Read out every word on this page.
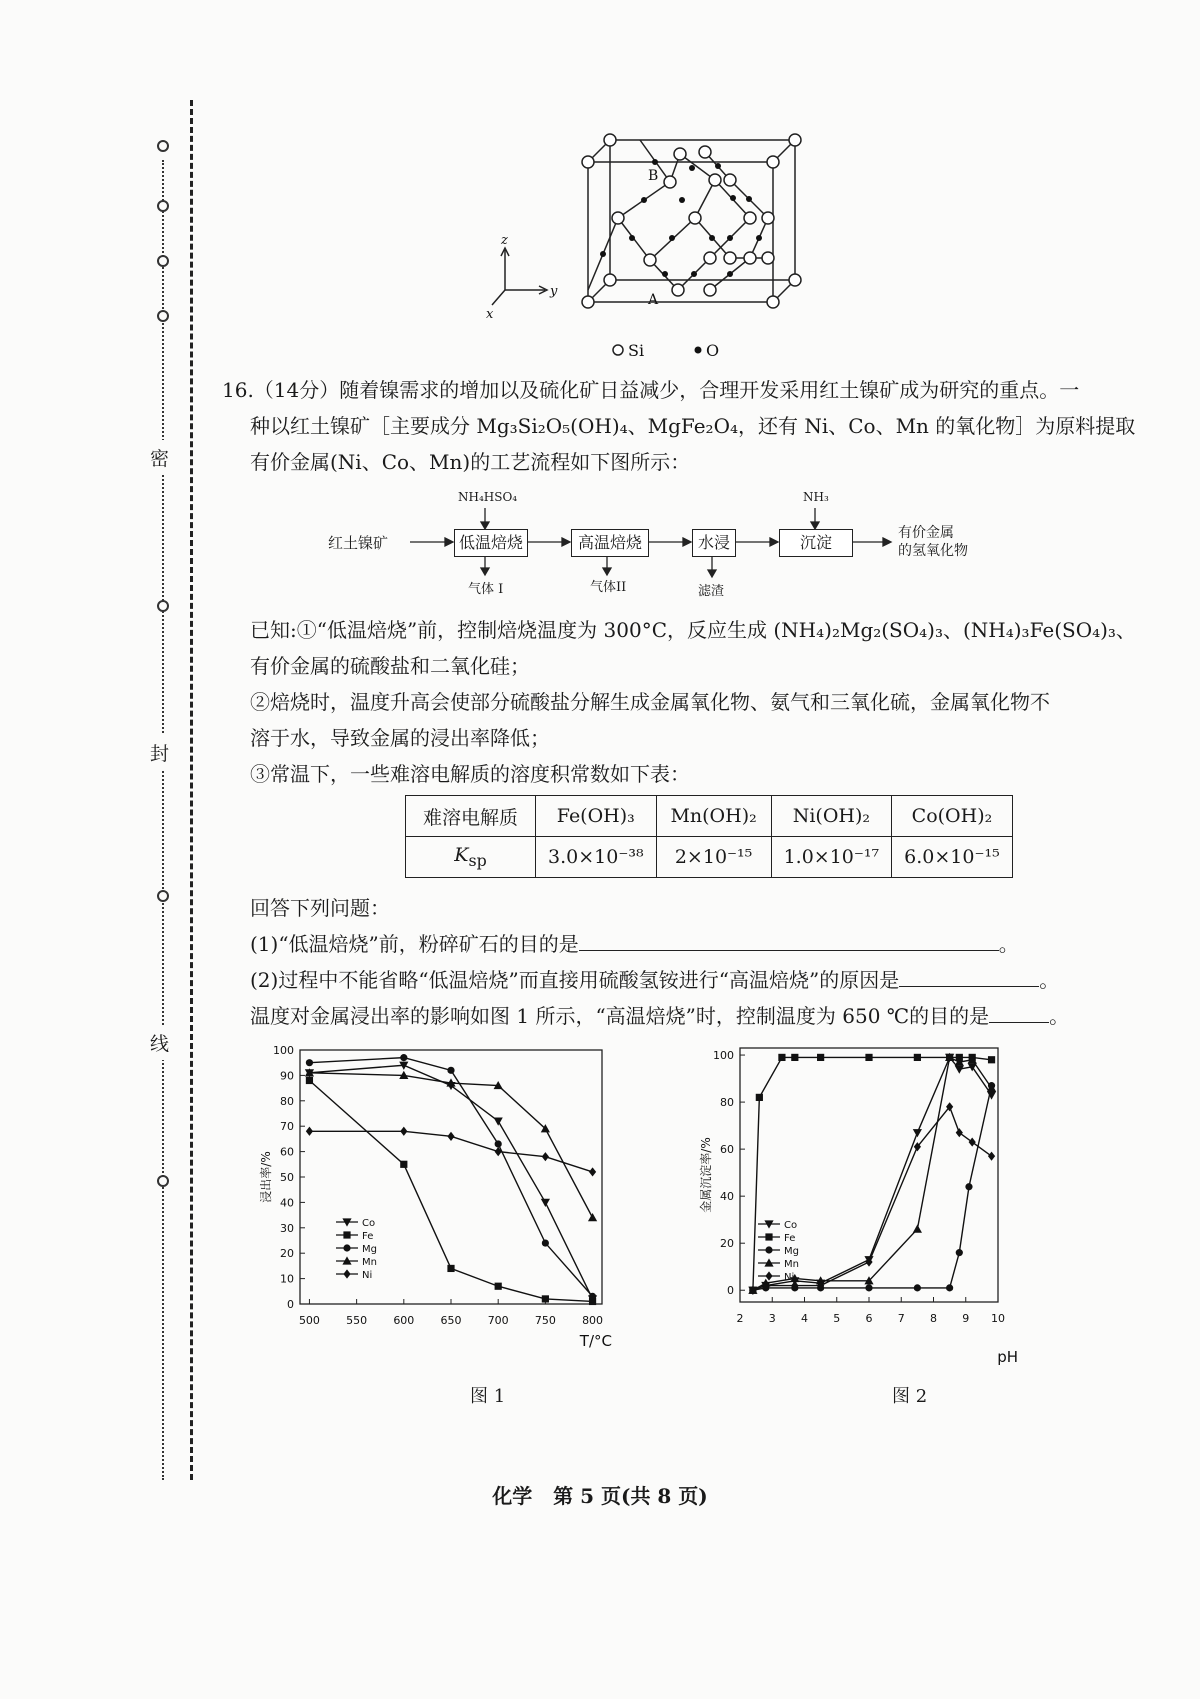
密
封
线
B
A
z
y
x
Si	O

16.（14分）随着镍需求的增加以及硫化矿日益减少，合理开发采用红土镍矿成为研究的重点。一

种以红土镍矿［主要成分 Mg₃Si₂O₅(OH)₄、MgFe₂O₄，还有 Ni、Co、Mn 的氧化物］为原料提取

有价金属(Ni、Co、Mn)的工艺流程如下图所示：

红土镍矿	低温焙烧	高温焙烧	水浸	沉淀
NH₄HSO₄	NH₃
气体 I	气体II	滤渣
有价金属
的氢氧化物

已知:①“低温焙烧”前，控制焙烧温度为 300°C，反应生成 (NH₄)₂Mg₂(SO₄)₃、(NH₄)₃Fe(SO₄)₃、

有价金属的硫酸盐和二氧化硅；

②焙烧时，温度升高会使部分硫酸盐分解生成金属氧化物、氨气和三氧化硫，金属氧化物不

溶于水，导致金属的浸出率降低；

③常温下，一些难溶电解质的溶度积常数如下表：

难溶电解质	Fe(OH)₃	Mn(OH)₂	Ni(OH)₂	Co(OH)₂
$K_{sp}$	3.0×10⁻³⁸	2×10⁻¹⁵	1.0×10⁻¹⁷	6.0×10⁻¹⁵

回答下列问题：

(1)“低温焙烧”前，粉碎矿石的目的是	。

(2)过程中不能省略“低温焙烧”而直接用硫酸氢铵进行“高温焙烧”的原因是	。

温度对金属浸出率的影响如图 1 所示，“高温焙烧”时，控制温度为 650 ℃的目的是	。

500 550 600 650 700 750 800
0
10
20
30
40
50
60
70
80
90
100
T/°C
浸出率/%
Co
Fe
Mg
Mn
Ni
图 1
2 3 4 5 6 7 8 9 10
0
20
40
60
80
100
pH
金属沉淀率/%
Co
Fe
Mg
Mn
Ni
图 2
化学 第 5 页(共 8 页)
